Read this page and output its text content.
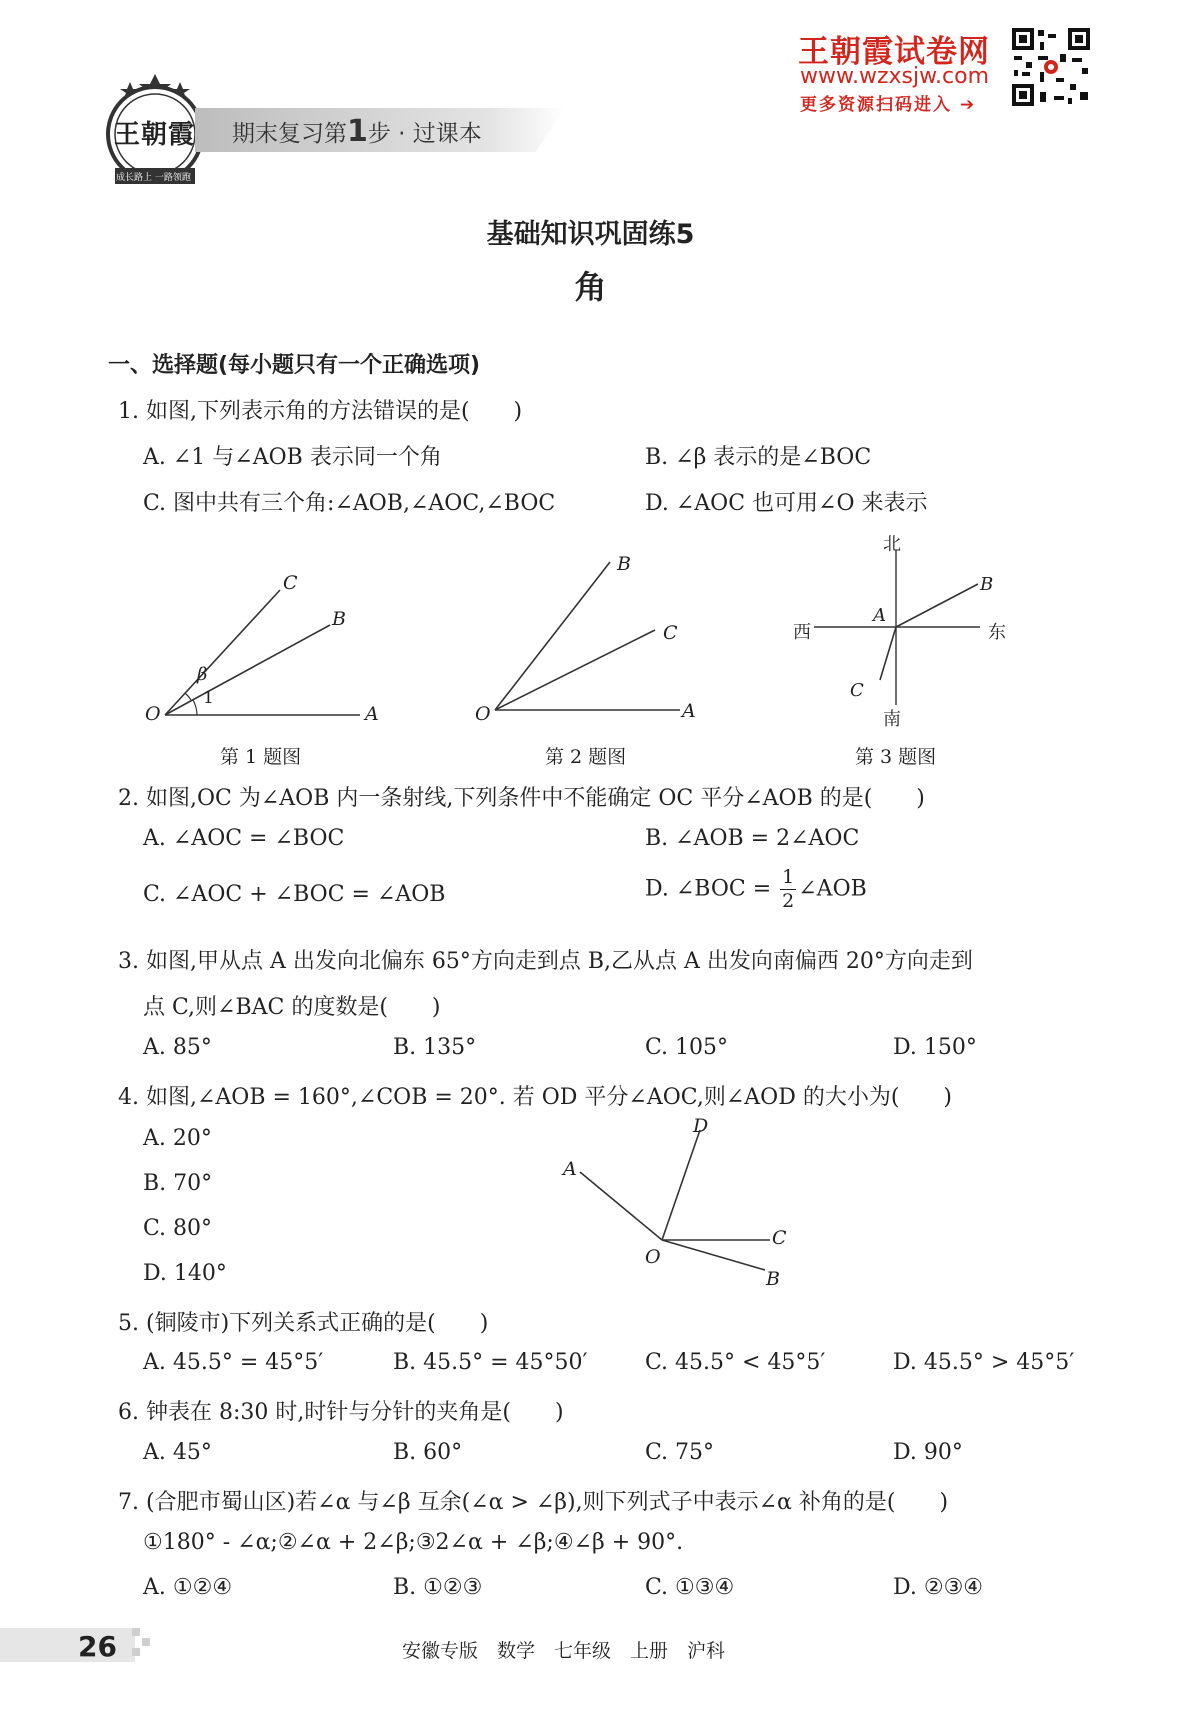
王朝霞
成长路上 一路领跑
期末复习第1步 · 过课本
王朝霞试卷网
www.wzxsjw.com
更多资源扫码进入 ➔
基础知识巩固练5
角
一、选择题(每小题只有一个正确选项)
1. 如图,下列表示角的方法错误的是(　　)
A. ∠1 与∠AOB 表示同一个角	B. ∠β 表示的是∠BOC
C. 图中共有三个角:∠AOB,∠AOC,∠BOC	D. ∠AOC 也可用∠O 来表示
O	A
B
C
β
1
第 1 题图
O	A
C
B
第 2 题图
北
南
西	东
A
B
C
第 3 题图
2. 如图,OC 为∠AOB 内一条射线,下列条件中不能确定 OC 平分∠AOB 的是(　　)
A. ∠AOC = ∠BOC	B. ∠AOB = 2∠AOC
C. ∠AOC + ∠BOC = ∠AOB	D. ∠BOC = $\frac{1}{2}$ ∠AOB
3. 如图,甲从点 A 出发向北偏东 65°方向走到点 B,乙从点 A 出发向南偏西 20°方向走到
点 C,则∠BAC 的度数是(　　)
A. 85°	B. 135°	C. 105°	D. 150°
4. 如图,∠AOB = 160°,∠COB = 20°. 若 OD 平分∠AOC,则∠AOD 的大小为(　　)
A. 20°
B. 70°
C. 80°
D. 140°
D
A
C
O
B
5. (铜陵市)下列关系式正确的是(　　)
A. 45.5° = 45°5′	B. 45.5° = 45°50′	C. 45.5° < 45°5′	D. 45.5° > 45°5′
6. 钟表在 8:30 时,时针与分针的夹角是(　　)
A. 45°	B. 60°	C. 75°	D. 90°
7. (合肥市蜀山区)若∠α 与∠β 互余(∠α > ∠β),则下列式子中表示∠α 补角的是(　　)
①180° - ∠α;②∠α + 2∠β;③2∠α + ∠β;④∠β + 90°.
A. ①②④	B. ①②③	C. ①③④	D. ②③④
26	安徽专版　数学　七年级　上册　沪科
